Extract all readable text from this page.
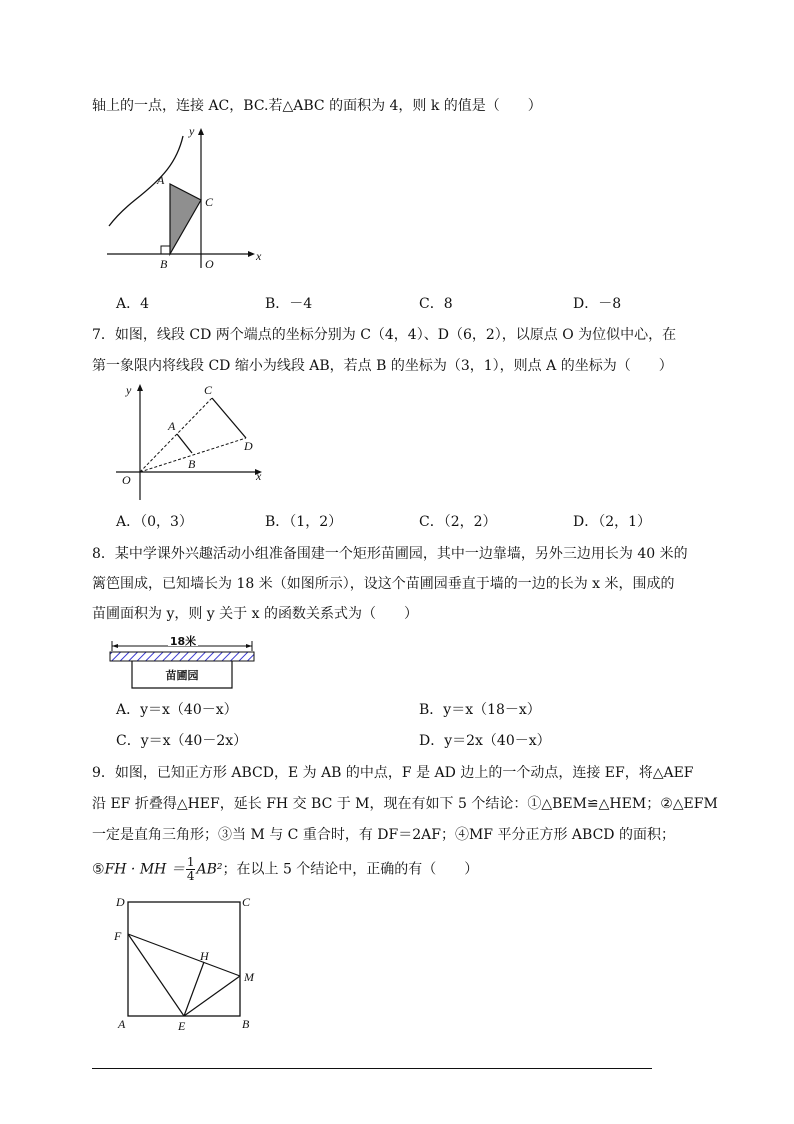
轴上的一点，连接 AC，BC.若△ABC 的面积为 4，则 k 的值是（　　）
y
x
A
B
C
O
A．4	B．－4	C．8	D．－8
7．如图，线段 CD 两个端点的坐标分别为 C（4，4）、D（6，2），以原点 O 为位似中心，在
第一象限内将线段 CD 缩小为线段 AB，若点 B 的坐标为（3，1），则点 A 的坐标为（　　）
y
x
C
D
A
B
O
A．（0，3）	B．（1，2）	C．（2，2）	D．（2，1）
8．某中学课外兴趣活动小组准备围建一个矩形苗圃园，其中一边靠墙，另外三边用长为 40 米的
篱笆围成，已知墙长为 18 米（如图所示），设这个苗圃园垂直于墙的一边的长为 x 米，围成的
苗圃面积为 y，则 y 关于 x 的函数关系式为（　　）
18米
苗圃园
A．y＝x（40－x）	B．y＝x（18－x）
C．y＝x（40－2x）	D．y＝2x（40－x）
9．如图，已知正方形 ABCD，E 为 AB 的中点，F 是 AD 边上的一个动点，连接 EF，将△AEF
沿 EF 折叠得△HEF，延长 FH 交 BC 于 M，现在有如下 5 个结论：①△BEM≌△HEM；②△EFM
一定是直角三角形；③当 M 与 C 重合时，有 DF＝2AF；④MF 平分正方形 ABCD 的面积；
⑤FH · MH ＝ $\frac{1}{4} AB^2$；在以上 5 个结论中，正确的有（　　）
D	C
F
H
M
A	E	B
